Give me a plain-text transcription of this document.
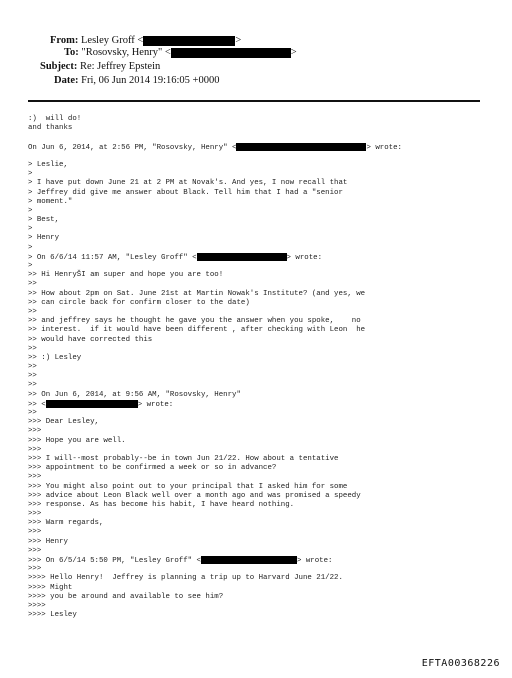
From: Lesley Groff <	>
To: "Rosovsky, Henry" <	>
Subject: Re: Jeffrey Epstein
Date: Fri, 06 Jun 2014 19:16:05 +0000
:)  will do!
and thanks
On Jun 6, 2014, at 2:56 PM, "Rosovsky, Henry" <	> wrote:
> Leslie,
>
> I have put down June 21 at 2 PM at Novak's. And yes, I now recall that
> Jeffrey did give me answer about Black. Tell him that I had a "senior
> moment."
>
> Best,
>
> Henry
>
> On 6/6/14 11:57 AM, "Lesley Groff" <	> wrote:
>
>> Hi HenryŠI am super and hope you are too!
>>
>> How about 2pm on Sat. June 21st at Martin Nowak's Institute? (and yes, we
>> can circle back for confirm closer to the date)
>>
>> and jeffrey says he thought he gave you the answer when you spoke,    no
>> interest.  if it would have been different , after checking with Leon  he
>> would have corrected this
>>
>> :) Lesley
>>
>>
>>
>> On Jun 6, 2014, at 9:56 AM, "Rosovsky, Henry"
>> <	> wrote:
>>
>>> Dear Lesley,
>>>
>>> Hope you are well.
>>>
>>> I will--most probably--be in town Jun 21/22. How about a tentative
>>> appointment to be confirmed a week or so in advance?
>>>
>>> You might also point out to your principal that I asked him for some
>>> advice about Leon Black well over a month ago and was promised a speedy
>>> response. As has become his habit, I have heard nothing.
>>>
>>> Warm regards,
>>>
>>> Henry
>>>
>>> On 6/5/14 5:50 PM, "Lesley Groff" <	> wrote:
>>>
>>>> Hello Henry!  Jeffrey is planning a trip up to Harvard June 21/22.
>>>> Might
>>>> you be around and available to see him?
>>>>
>>>> Lesley
EFTA00368226
